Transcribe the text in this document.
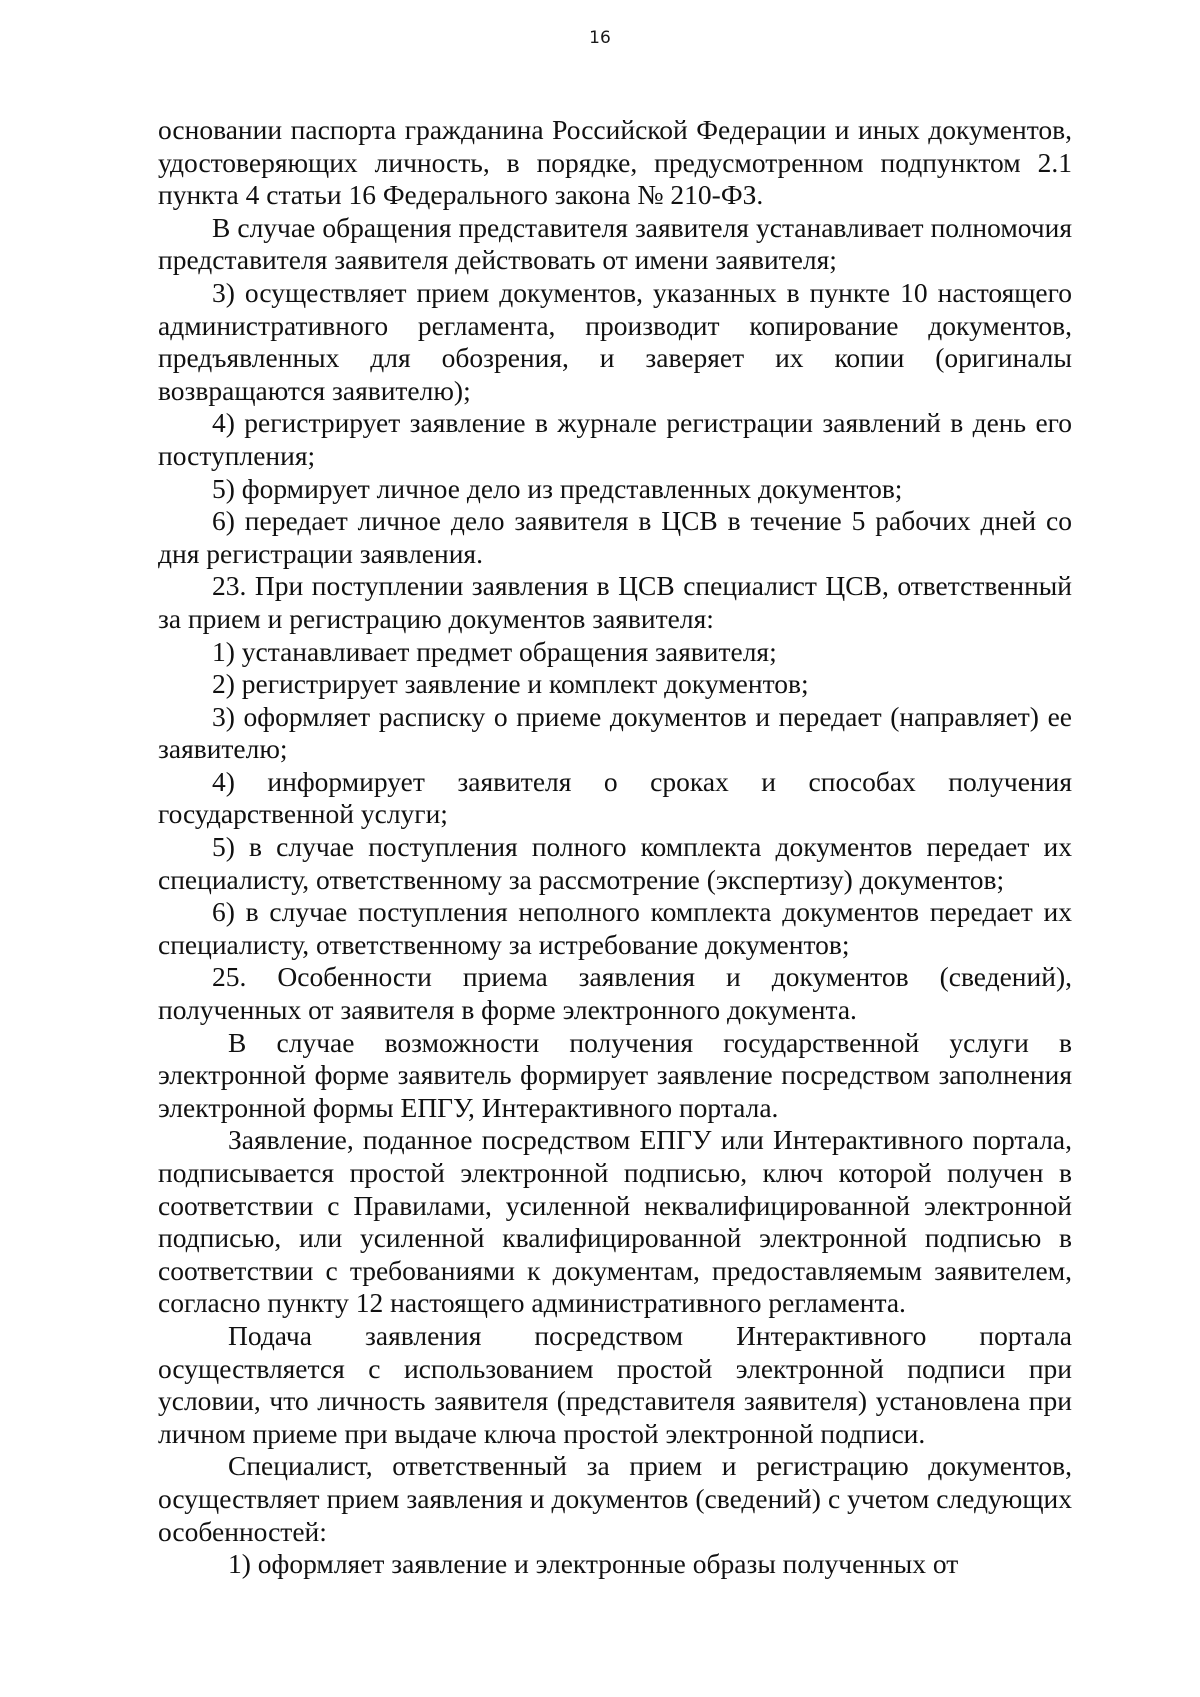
16

основании паспорта гражданина Российской Федерации и иных документов, удостоверяющих личность, в порядке, предусмотренном подпунктом 2.1 пункта 4 статьи 16 Федерального закона № 210-ФЗ.

В случае обращения представителя заявителя устанавливает полномочия представителя заявителя действовать от имени заявителя;

3) осуществляет прием документов, указанных в пункте 10 настоящего административного регламента, производит копирование документов, предъявленных для обозрения, и заверяет их копии (оригиналы возвращаются заявителю);

4) регистрирует заявление в журнале регистрации заявлений в день его поступления;

5) формирует личное дело из представленных документов;

6) передает личное дело заявителя в ЦСВ в течение 5 рабочих дней со дня регистрации заявления.

23. При поступлении заявления в ЦСВ специалист ЦСВ, ответственный за прием и регистрацию документов заявителя:

1) устанавливает предмет обращения заявителя;

2) регистрирует заявление и комплект документов;

3) оформляет расписку о приеме документов и передает (направляет) ее заявителю;

4) информирует заявителя о сроках и способах получения государственной услуги;

5) в случае поступления полного комплекта документов передает их специалисту, ответственному за рассмотрение (экспертизу) документов;

6) в случае поступления неполного комплекта документов передает их специалисту, ответственному за истребование документов;

25. Особенности приема заявления и документов (сведений), полученных от заявителя в форме электронного документа.

В случае возможности получения государственной услуги в электронной форме заявитель формирует заявление посредством заполнения электронной формы ЕПГУ, Интерактивного портала.

Заявление, поданное посредством ЕПГУ или Интерактивного портала, подписывается простой электронной подписью, ключ которой получен в соответствии с Правилами, усиленной неквалифицированной электронной подписью, или усиленной квалифицированной электронной подписью в соответствии с требованиями к документам, предоставляемым заявителем, согласно пункту 12 настоящего административного регламента.

Подача заявления посредством Интерактивного портала осуществляется с использованием простой электронной подписи при условии, что личность заявителя (представителя заявителя) установлена при личном приеме при выдаче ключа простой электронной подписи.

Специалист, ответственный за прием и регистрацию документов, осуществляет прием заявления и документов (сведений) с учетом следующих особенностей:

1) оформляет заявление и электронные образы полученных от
